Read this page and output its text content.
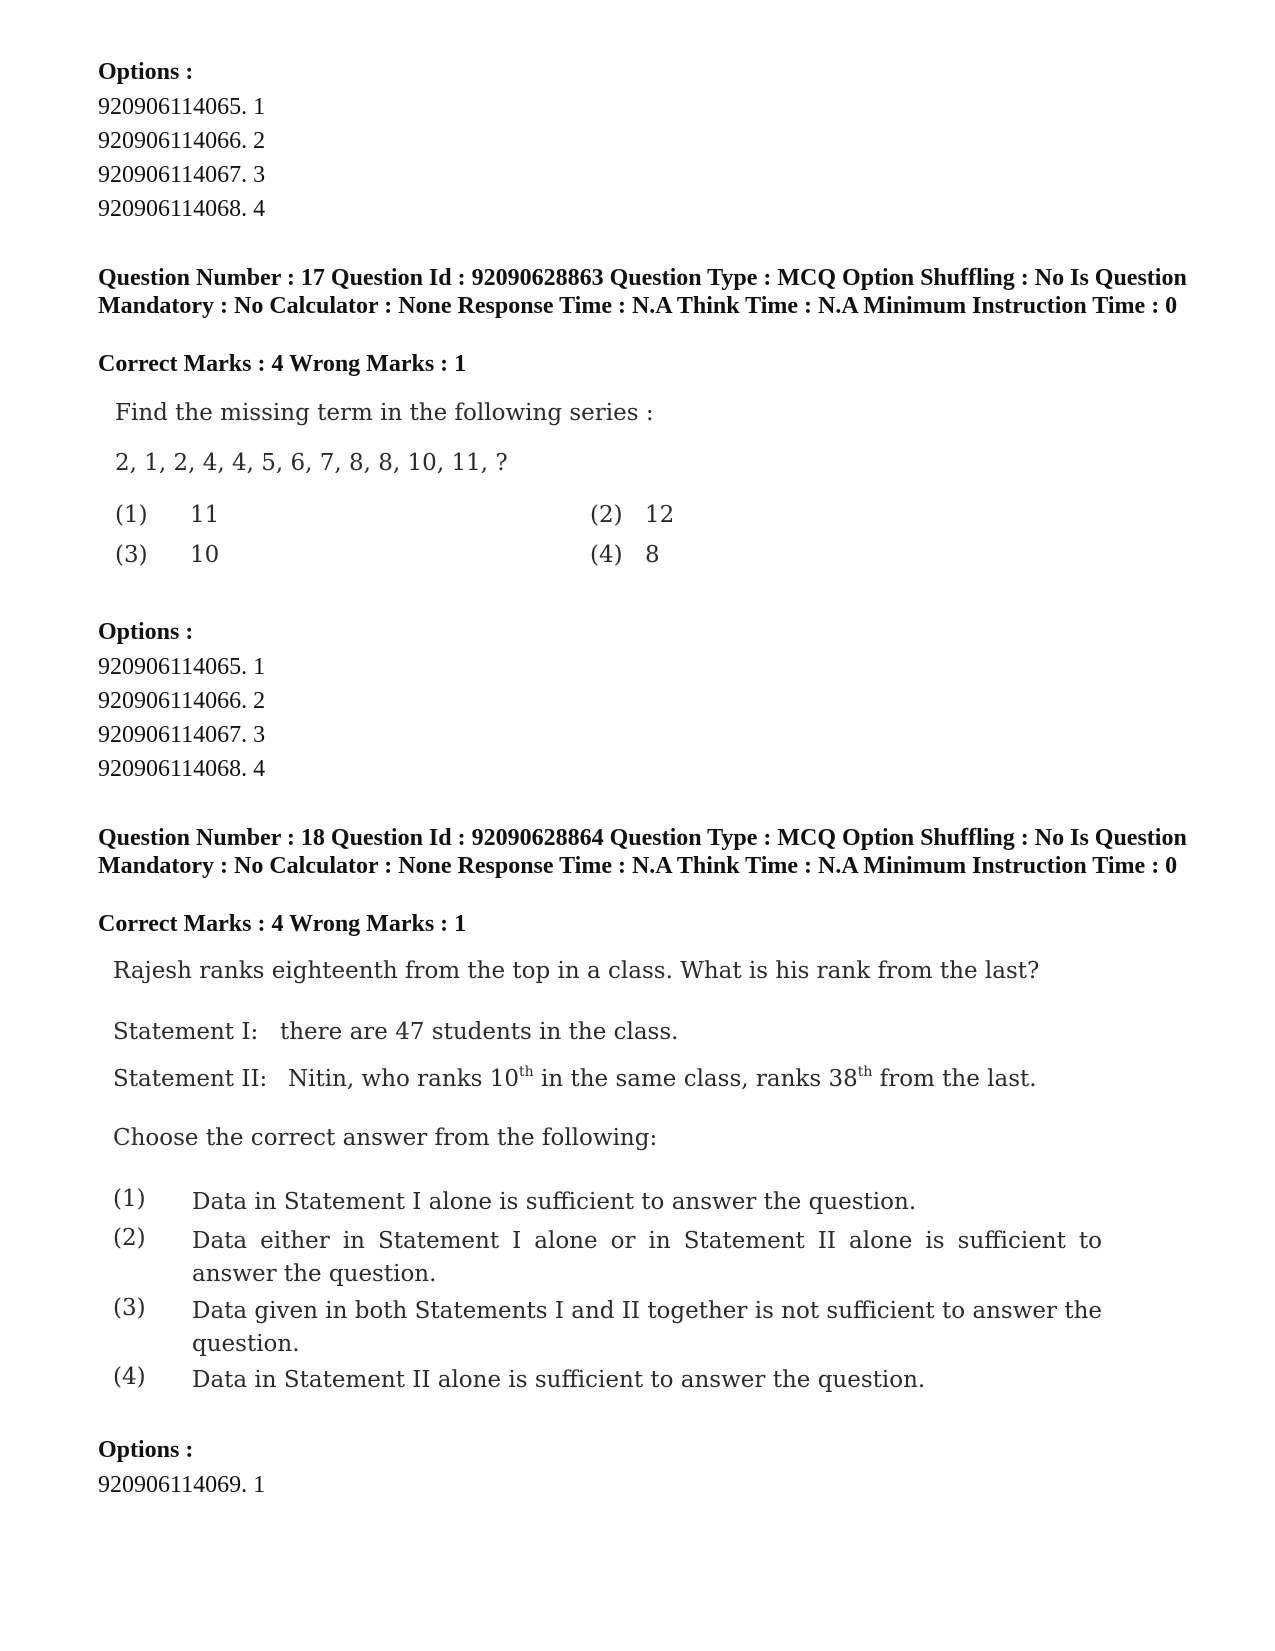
Options :
920906114065. 1
920906114066. 2
920906114067. 3
920906114068. 4
Question Number : 17 Question Id : 92090628863 Question Type : MCQ Option Shuffling : No Is Question Mandatory : No Calculator : None Response Time : N.A Think Time : N.A Minimum Instruction Time : 0
Correct Marks : 4 Wrong Marks : 1
Find the missing term in the following series :
2, 1, 2, 4, 4, 5, 6, 7, 8, 8, 10, 11, ?
(1) 11	(2) 12
(3) 10	(4) 8
Options :
920906114065. 1
920906114066. 2
920906114067. 3
920906114068. 4
Question Number : 18 Question Id : 92090628864 Question Type : MCQ Option Shuffling : No Is Question Mandatory : No Calculator : None Response Time : N.A Think Time : N.A Minimum Instruction Time : 0
Correct Marks : 4 Wrong Marks : 1
Rajesh ranks eighteenth from the top in a class. What is his rank from the last?
Statement I: there are 47 students in the class.
Statement II: Nitin, who ranks 10th in the same class, ranks 38th from the last.
Choose the correct answer from the following:
(1) Data in Statement I alone is sufficient to answer the question.
(2) Data either in Statement I alone or in Statement II alone is sufficient to answer the question.
(3) Data given in both Statements I and II together is not sufficient to answer the question.
(4) Data in Statement II alone is sufficient to answer the question.
Options :
920906114069. 1
